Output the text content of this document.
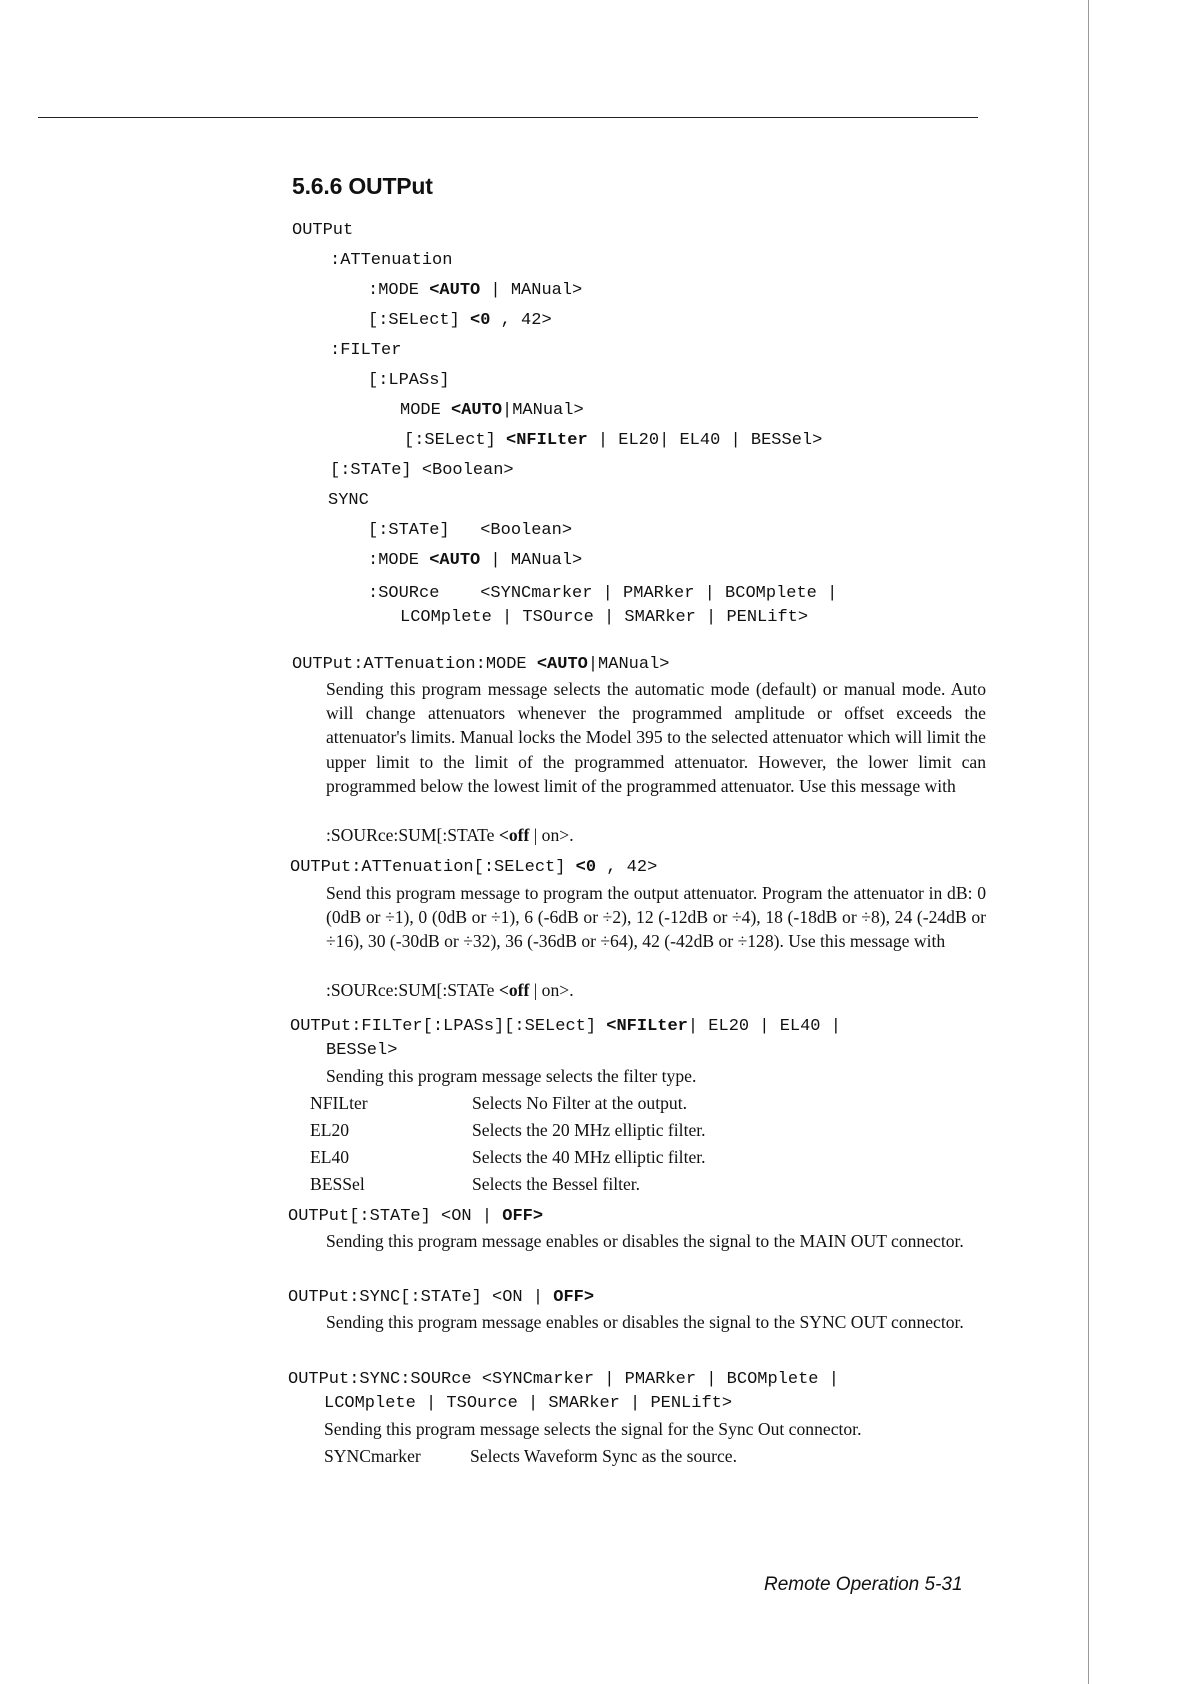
5.6.6 OUTPut
OUTPut
:ATTenuation
:MODE <AUTO | MANual>
[:SELect] <0 , 42>
:FILTer
[:LPASs]
MODE <AUTO|MANual>
[:SELect] <NFILter | EL20| EL40 | BESSel>
[:STATe] <Boolean>
SYNC
[:STATe]   <Boolean>
:MODE <AUTO | MANual>
:SOURce    <SYNCmarker | PMARker | BCOMplete |
LCOMplete | TSOurce | SMARker | PENLift>
OUTPut:ATTenuation:MODE <AUTO|MANual>

Sending this program message selects the automatic mode (default) or manual mode. Auto will change attenuators whenever the programmed amplitude or offset exceeds the attenuator's limits. Manual locks the Model 395 to the selected attenuator which will limit the upper limit to the limit of the programmed attenuator. However, the lower limit can programmed below the lowest limit of the programmed attenuator. Use this message with

:SOURce:SUM[:STATe <off | on>.
OUTPut:ATTenuation[:SELect] <0 , 42>

Send this program message to program the output attenuator. Program the attenuator in dB: 0 (0dB or ÷1), 0 (0dB or ÷1), 6 (-6dB or ÷2), 12 (-12dB or ÷4), 18 (-18dB or ÷8), 24 (-24dB or ÷16), 30 (-30dB or ÷32), 36 (-36dB or ÷64), 42 (-42dB or ÷128). Use this message with

:SOURce:SUM[:STATe <off | on>.
OUTPut:FILTer[:LPASs][:SELect] <NFILter| EL20 | EL40 |
BESSel>
Sending this program message selects the filter type.
NFILter	Selects No Filter at the output.
EL20	Selects the 20 MHz elliptic filter.
EL40	Selects the 40 MHz elliptic filter.
BESSel	Selects the Bessel filter.
OUTPut[:STATe] <ON | OFF>

Sending this program message enables or disables the signal to the MAIN OUT connector.

OUTPut:SYNC[:STATe] <ON | OFF>

Sending this program message enables or disables the signal to the SYNC OUT connector.

OUTPut:SYNC:SOURce <SYNCmarker | PMARker | BCOMplete |
LCOMplete | TSOurce | SMARker | PENLift>
Sending this program message selects the signal for the Sync Out connector.
SYNCmarker	Selects Waveform Sync as the source.
Remote Operation 5-31
